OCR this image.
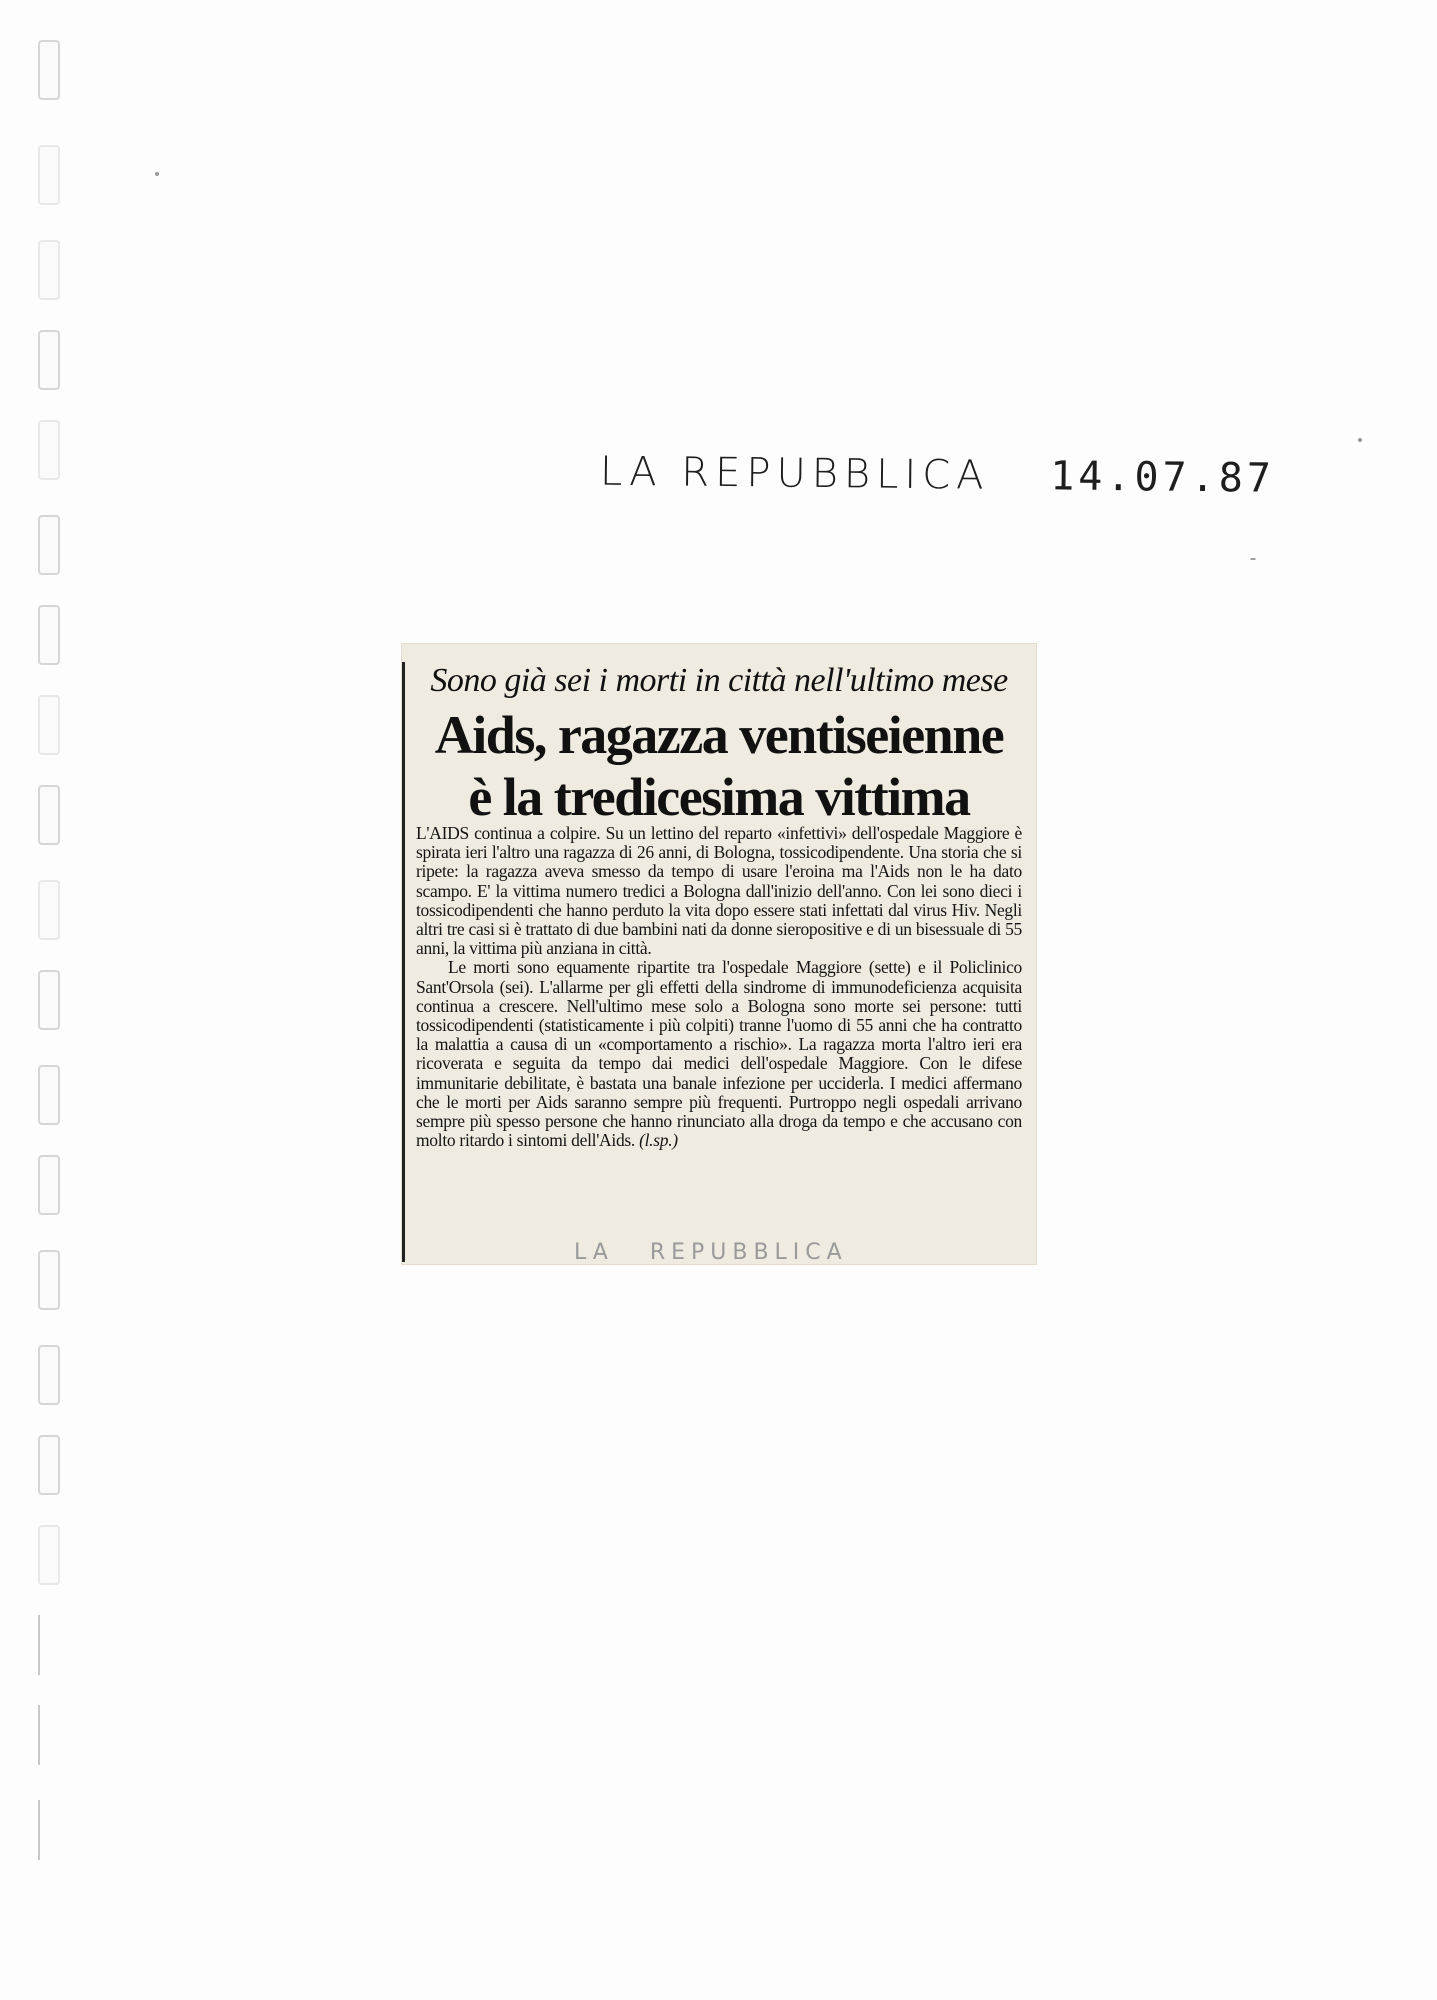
LA REPUBBLICA 14.07.87
Sono già sei i morti in città nell'ultimo mese
Aids, ragazza ventiseienne
è la tredicesima vittima

L'AIDS continua a colpire. Su un lettino del reparto «infettivi» dell'ospedale Maggiore è spirata ieri l'altro una ragazza di 26 anni, di Bologna, tossicodipendente. Una storia che si ripete: la ragazza aveva smesso da tempo di usare l'eroina ma l'Aids non le ha dato scampo. E' la vittima numero tredici a Bologna dall'inizio dell'anno. Con lei sono dieci i tossicodipendenti che hanno perduto la vita dopo essere stati infettati dal virus Hiv. Negli altri tre casi si è trattato di due bambini nati da donne sieropositive e di un bisessuale di 55 anni, la vittima più anziana in città.

Le morti sono equamente ripartite tra l'ospedale Maggiore (sette) e il Policlinico Sant'Orsola (sei). L'allarme per gli effetti della sindrome di immunodeficienza acquisita continua a crescere. Nell'ultimo mese solo a Bologna sono morte sei persone: tutti tossicodipendenti (statisticamente i più colpiti) tranne l'uomo di 55 anni che ha contratto la malattia a causa di un «comportamento a rischio». La ragazza morta l'altro ieri era ricoverata e seguita da tempo dai medici dell'ospedale Maggiore. Con le difese immunitarie debilitate, è bastata una banale infezione per ucciderla. I medici affermano che le morti per Aids saranno sempre più frequenti. Purtroppo negli ospedali arrivano sempre più spesso persone che hanno rinunciato alla droga da tempo e che accusano con molto ritardo i sintomi dell'Aids. (l.sp.)

LA REPUBBLICA
